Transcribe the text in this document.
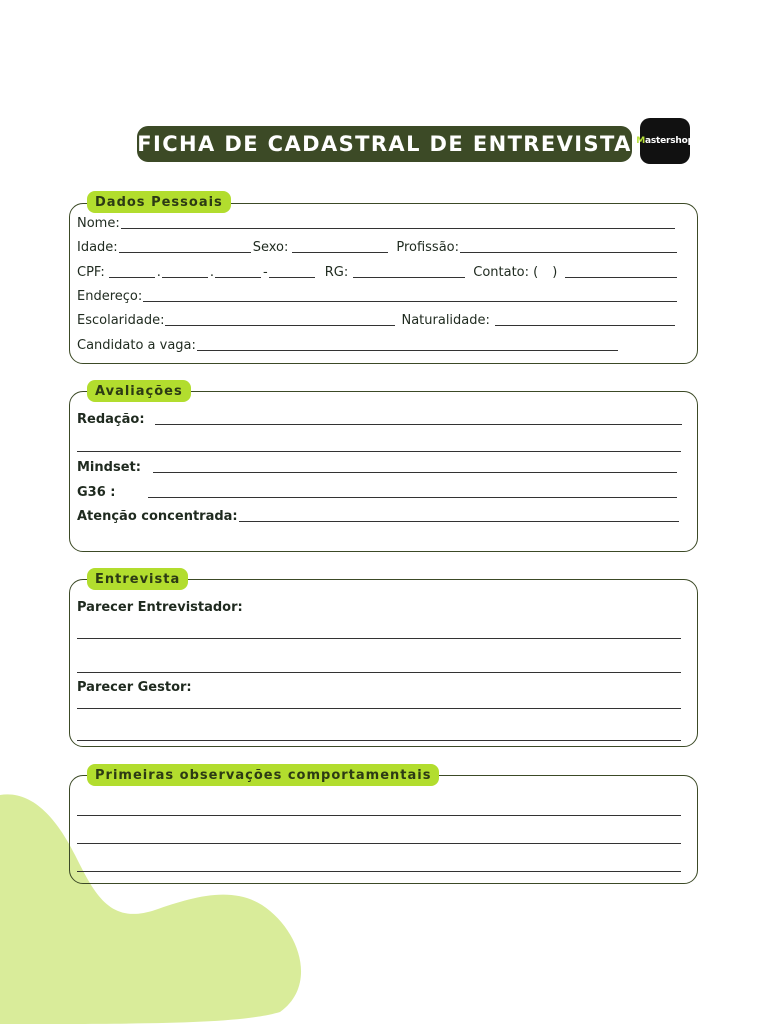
FICHA DE CADASTRAL DE ENTREVISTA Mastershop
Dados Pessoais
Nome:
Idade:	Sexo:	Profissão:
CPF:	.	.	-	RG:	Contato: ( )
Endereço:
Escolaridade:	Naturalidade:
Candidato a vaga:
Avaliações
Redação:
Mindset:
G36 :
Atenção concentrada:
Entrevista
Parecer Entrevistador:
Parecer Gestor:
Primeiras observações comportamentais
